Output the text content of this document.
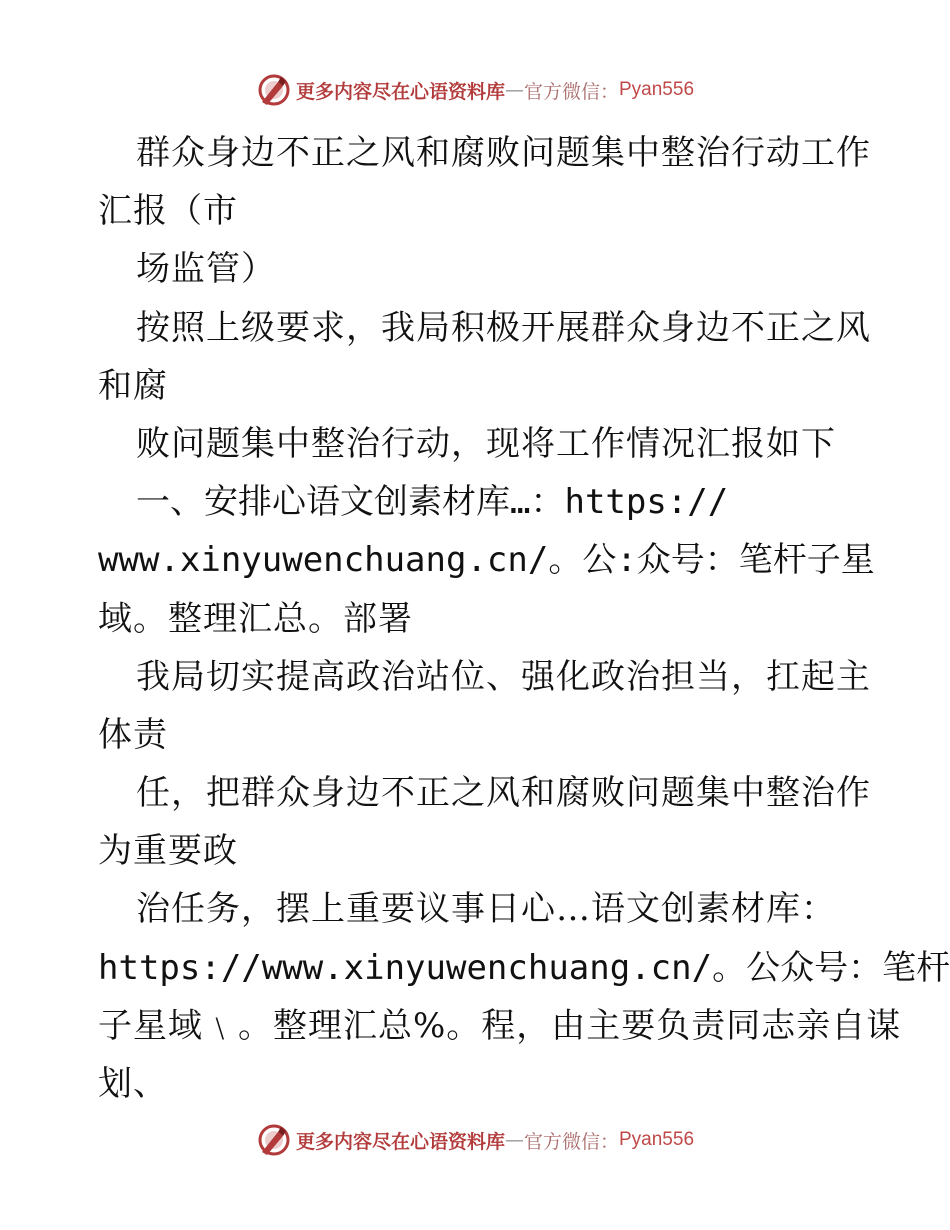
更多内容尽在心语资料库 — 官方微信： Pyan556
群众身边不正之风和腐败问题集中整治行动工作
汇报（市
场监管）
按照上级要求，我局积极开展群众身边不正之风
和腐
败问题集中整治行动，现将工作情况汇报如下
一、安排心语文创素材库…：https://
www.xinyuwenchuang.cn/。公:众号：笔杆子星
域。整理汇总。部署
我局切实提高政治站位、强化政治担当，扛起主
体责
任，把群众身边不正之风和腐败问题集中整治作
为重要政
治任务，摆上重要议事日心…语文创素材库：
https://www.xinyuwenchuang.cn/。公众号：笔杆
子星域﹨。整理汇总%。程，由主要负责同志亲自谋
划、
更多内容尽在心语资料库 — 官方微信： Pyan556
